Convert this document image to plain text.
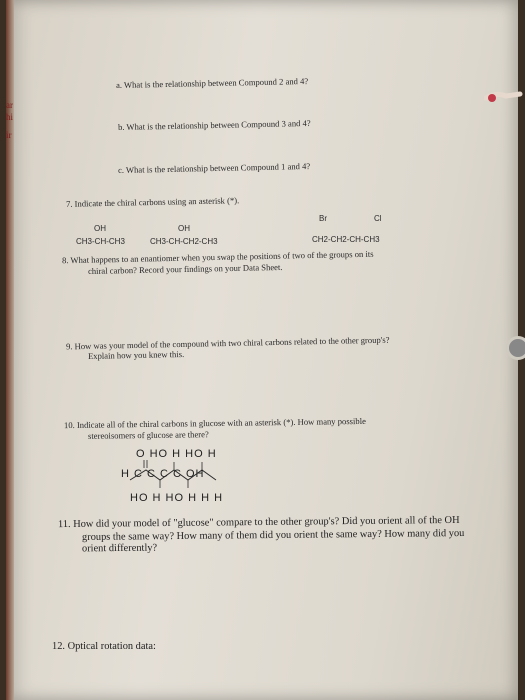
ar
hi
ir
a. What is the relationship between Compound 2 and 4?
b. What is the relationship between Compound 3 and 4?
c. What is the relationship between Compound 1 and 4?
7. Indicate the chiral carbons using an asterisk (*).
OH
CH3-CH-CH3
OH
CH3-CH-CH2-CH3
Br	Cl
CH2-CH2-CH-CH3
8. What happens to an enantiomer when you swap the positions of two of the groups on its
chiral carbon? Record your findings on your Data Sheet.
9. How was your model of the compound with two chiral carbons related to the other group's?
Explain how you knew this.
10. Indicate all of the chiral carbons in glucose with an asterisk (*). How many possible
stereoisomers of glucose are there?
O HO H HO H
H C C C C OH
HO H HO H H H
11. How did your model of "glucose" compare to the other group's? Did you orient all of the OH
groups the same way? How many of them did you orient the same way? How many did you
orient differently?
12. Optical rotation data:
